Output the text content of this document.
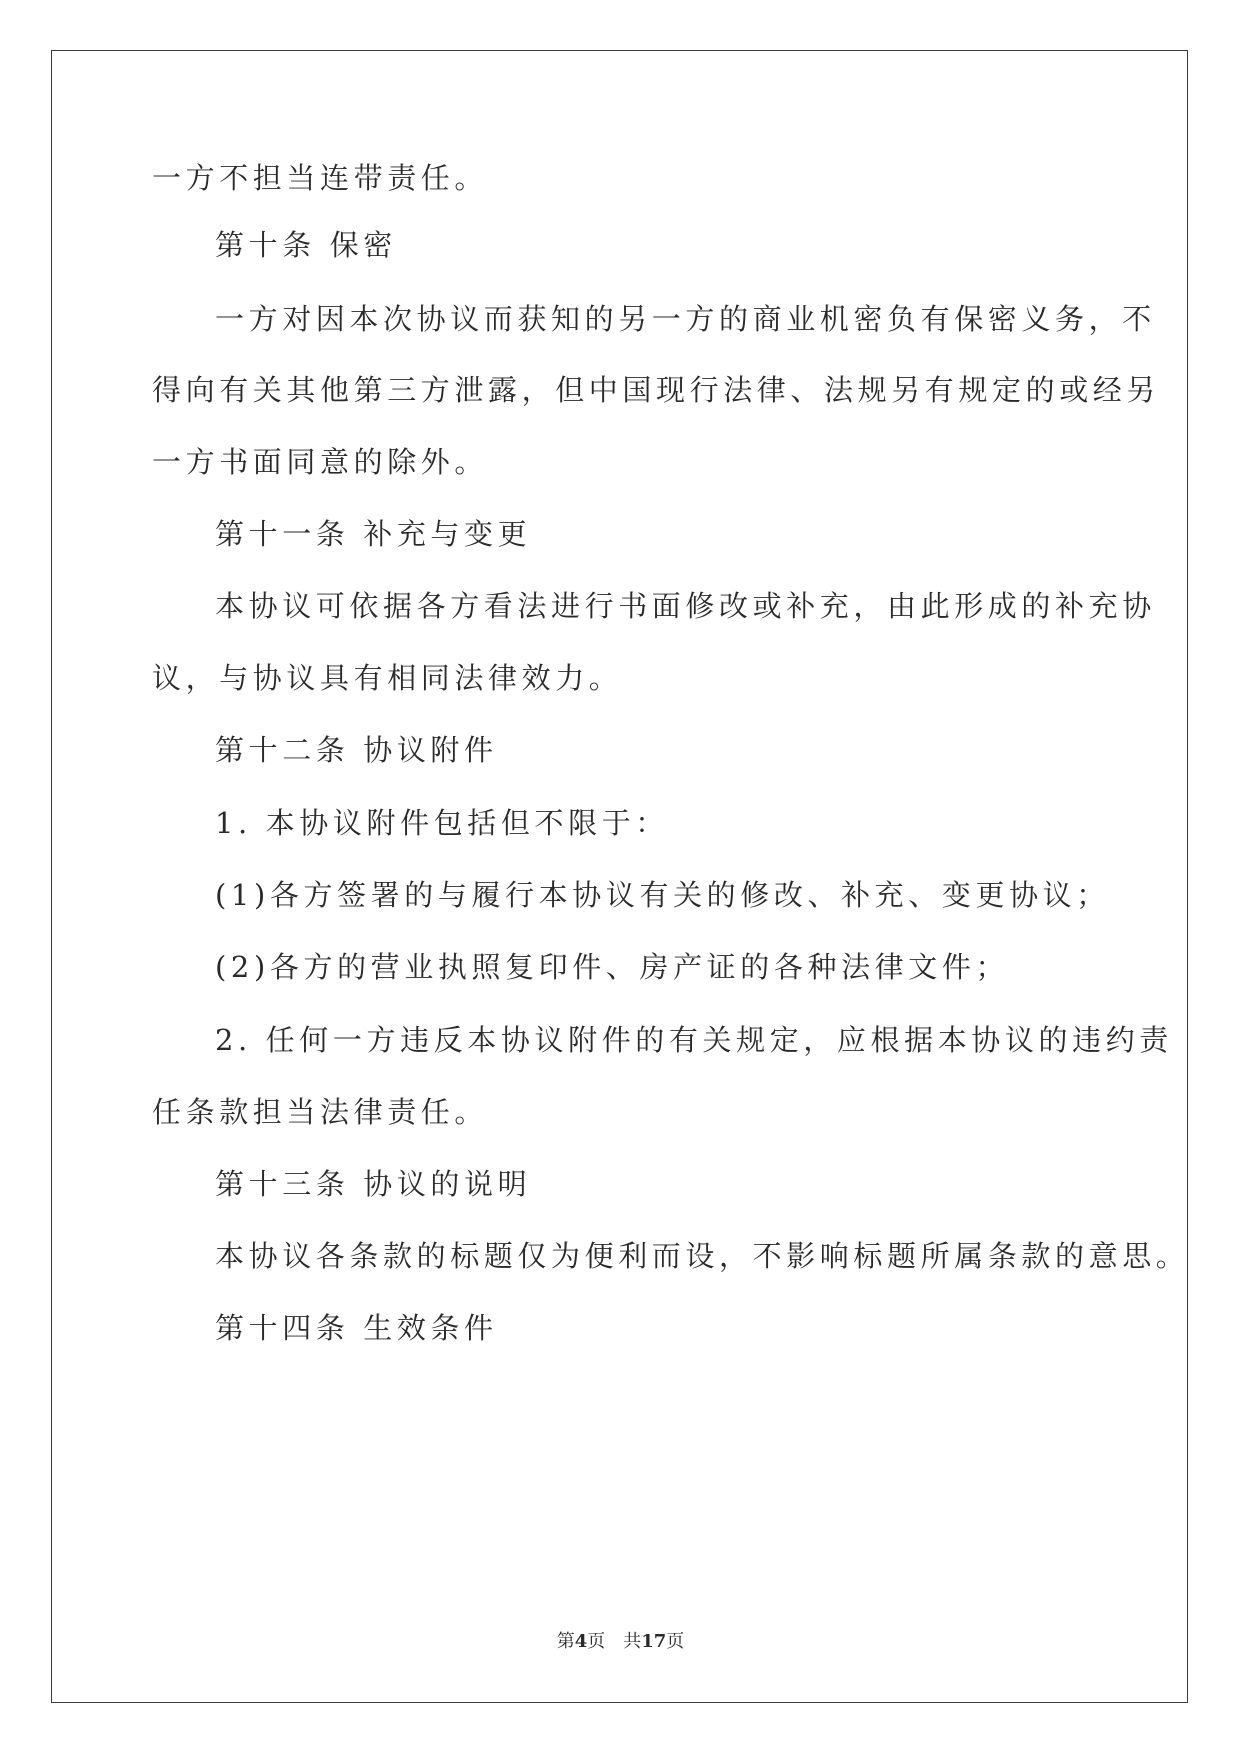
一方不担当连带责任。
第十条 保密
一方对因本次协议而获知的另一方的商业机密负有保密义务，不
得向有关其他第三方泄露，但中国现行法律、法规另有规定的或经另
一方书面同意的除外。
第十一条 补充与变更
本协议可依据各方看法进行书面修改或补充，由此形成的补充协
议，与协议具有相同法律效力。
第十二条 协议附件
1. 本协议附件包括但不限于：
(1)各方签署的与履行本协议有关的修改、补充、变更协议；
(2)各方的营业执照复印件、房产证的各种法律文件；
2. 任何一方违反本协议附件的有关规定，应根据本协议的违约责
任条款担当法律责任。
第十三条 协议的说明
本协议各条款的标题仅为便利而设，不影响标题所属条款的意思。
第十四条 生效条件
第4页 共17页
